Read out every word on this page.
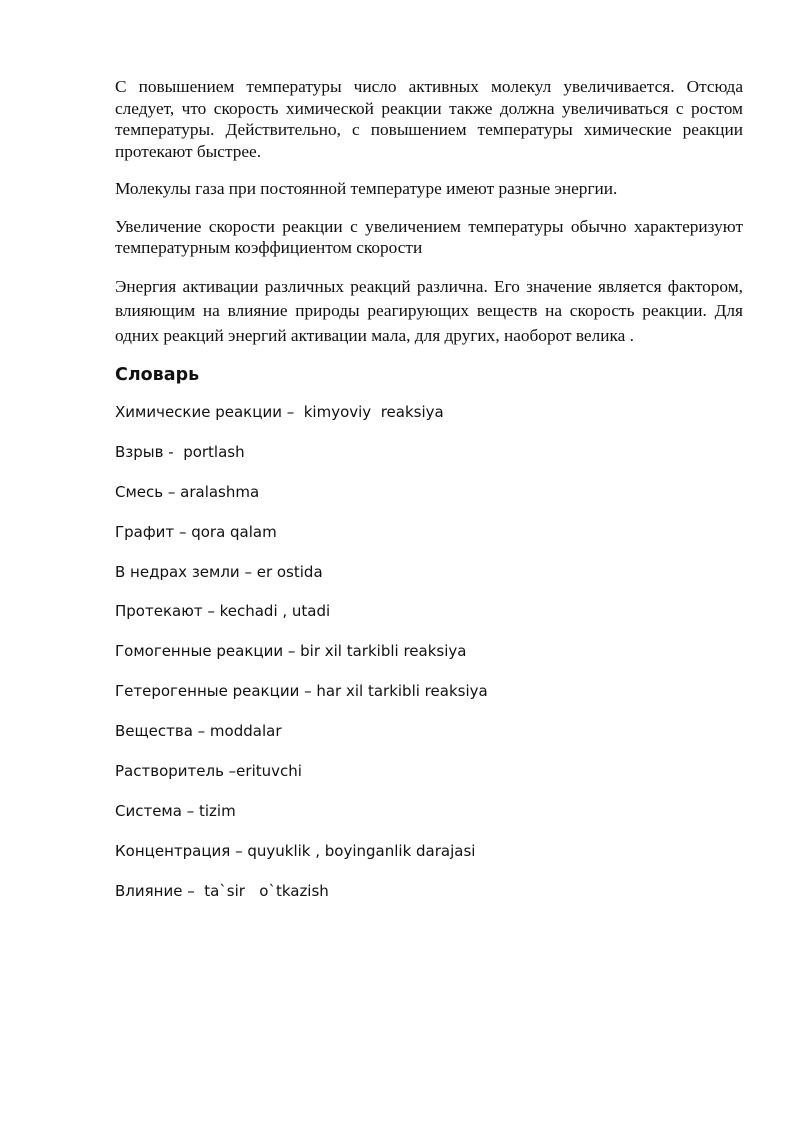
С повышением температуры число активных молекул увеличивается. Отсюда следует, что скорость химической реакции также должна увеличиваться с ростом температуры. Действительно, с повышением температуры химические реакции протекают быстрее.

Молекулы газа при постоянной температуре имеют разные энергии.

Увеличение скорости реакции с увеличением температуры обычно характеризуют температурным коэффициентом скорости

Энергия активации различных реакций различна. Его значение является фактором, влияющим на влияние природы реагирующих веществ на скорость реакции. Для одних реакций энергий активации мала, для других, наоборот велика .

Словарь
Химические реакции –  kimyoviy  reaksiya
Взрыв -  portlash
Смесь – aralashma
Графит – qora qalam
В недрах земли – er ostida
Протекают – kechadi , utadi
Гомогенные реакции – bir xil tarkibli reaksiya
Гетерогенные реакции – har xil tarkibli reaksiya
Вещества – moddalar
Растворитель –erituvchi
Система – tizim
Концентрация – quyuklik , boyinganlik darajasi
Влияние –  ta`sir   o`tkazish
